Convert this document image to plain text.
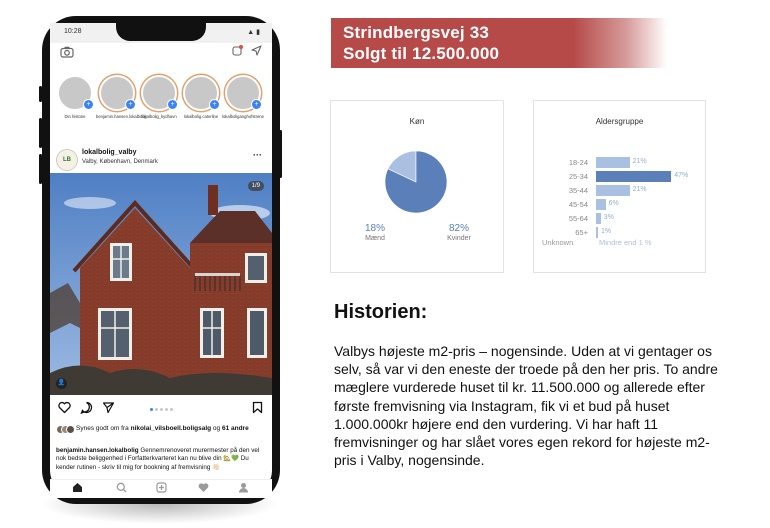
10:28	▲ ▮
+
Din historie
+
benjamin.hansen.lokalbolig
+
lokalbolig_kydhavn
+
lokalbolig.caterline
+
lokalboliganghofstrene
LB
lokalbolig_valby
Valby, København, Denmark
···
1/9
👤
Synes godt om fra nikolai_vilsboell.boligsalg og 61 andre
benjamin.hansen.lokalbolig Gennemrenoveret murermester på den vel nok bedste beliggenhed i Forfatterkvarteret kan nu blive din 🏡💚 Du kender rutinen - skriv til mig for bookning af fremvisning 👋🏻
Strindbergsvej 33
Solgt til 12.500.000
Køn
18%
Mænd
82%
Kvinder
Aldersgruppe
18-24	21%
25-34	47%
35-44	21%
45-54	6%
55-64 3%
65+ 1%
Unknown	Mindre end 1 %
Historien:
Valbys højeste m2-pris – nogensinde. Uden at vi gentager os selv, så var vi den eneste der troede på den her pris. To andre mæglere vurderede huset til kr. 11.500.000 og allerede efter første fremvisning via Instagram, fik vi et bud på huset 1.000.000kr højere end den vurdering. Vi har haft 11 fremvisninger og har slået vores egen rekord for højeste m2-pris i Valby, nogensinde.
